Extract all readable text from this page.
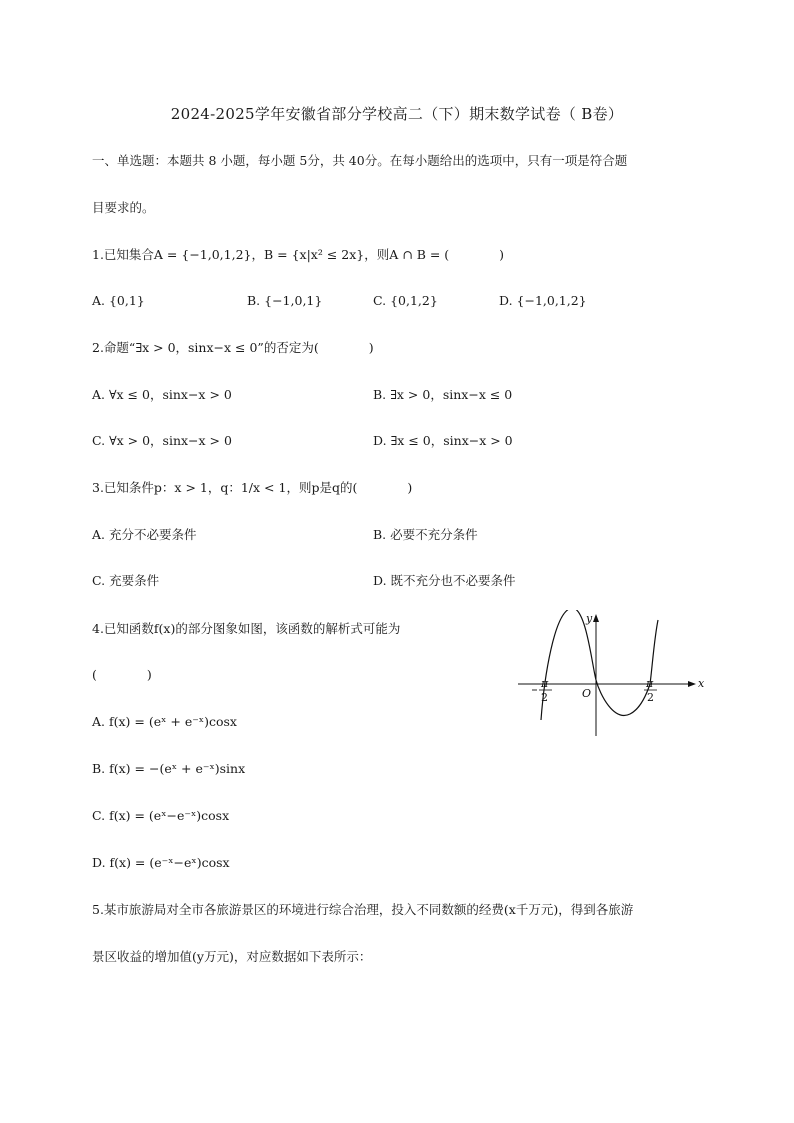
2024-2025学年安徽省部分学校高二（下）期末数学试卷（ B卷）
一、单选题：本题共 8 小题，每小题 5分，共 40分。在每小题给出的选项中，只有一项是符合题
目要求的。
1.已知集合A = {−1,0,1,2}，B = {x|x² ≤ 2x}，则A ∩ B = (　　　　)
A. {0,1}	B. {−1,0,1}	C. {0,1,2}	D. {−1,0,1,2}
2.命题“∃x > 0，sinx−x ≤ 0”的否定为(　　　　)
A. ∀x ≤ 0，sinx−x > 0	B. ∃x > 0，sinx−x ≤ 0
C. ∀x > 0，sinx−x > 0	D. ∃x ≤ 0，sinx−x > 0
3.已知条件p：x > 1，q：1/x < 1，则p是q的(　　　　)
A. 充分不必要条件	B. 必要不充分条件
C. 充要条件	D. 既不充分也不必要条件
4.已知函数f(x)的部分图象如图，该函数的解析式可能为
(　　　　)
A. f(x) = (eˣ + e⁻ˣ)cosx
B. f(x) = −(eˣ + e⁻ˣ)sinx
C. f(x) = (eˣ−e⁻ˣ)cosx
D. f(x) = (e⁻ˣ−eˣ)cosx
x
y
O
π
2
π
2
5.某市旅游局对全市各旅游景区的环境进行综合治理，投入不同数额的经费(x千万元)，得到各旅游
景区收益的增加值(y万元)，对应数据如下表所示：
